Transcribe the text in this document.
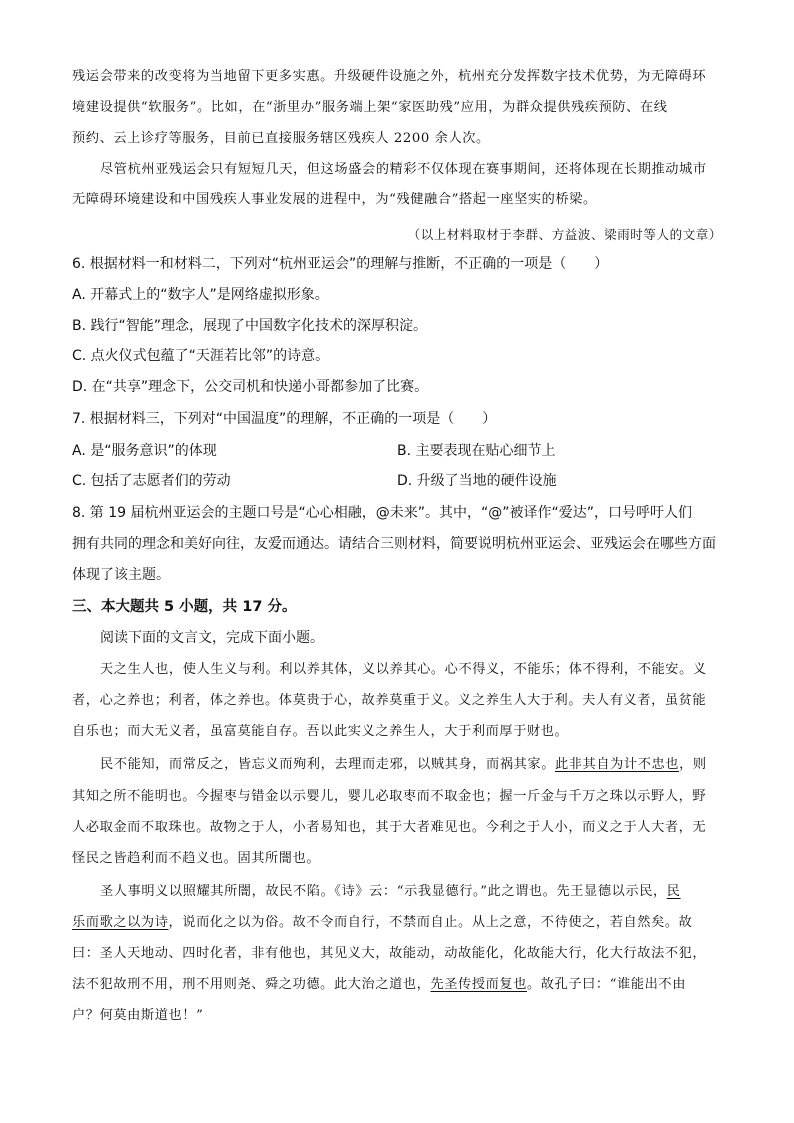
残运会带来的改变将为当地留下更多实惠。升级硬件设施之外，杭州充分发挥数字技术优势，为无障碍环
境建设提供“软服务”。比如，在“浙里办”服务端上架“家医助残”应用，为群众提供残疾预防、在线
预约、云上诊疗等服务，目前已直接服务辖区残疾人 2200 余人次。
尽管杭州亚残运会只有短短几天，但这场盛会的精彩不仅体现在赛事期间，还将体现在长期推动城市
无障碍环境建设和中国残疾人事业发展的进程中，为“残健融合”搭起一座坚实的桥梁。
（以上材料取材于李群、方益波、梁雨时等人的文章）
6. 根据材料一和材料二，下列对“杭州亚运会”的理解与推断，不正确的一项是（　　）
A. 开幕式上的“数字人”是网络虚拟形象。
B. 践行“智能”理念，展现了中国数字化技术的深厚积淀。
C. 点火仪式包蕴了“天涯若比邻”的诗意。
D. 在“共享”理念下，公交司机和快递小哥都参加了比赛。
7. 根据材料三，下列对“中国温度”的理解，不正确的一项是（　　）
A. 是“服务意识”的体现	B. 主要表现在贴心细节上
C. 包括了志愿者们的劳动	D. 升级了当地的硬件设施
8. 第 19 届杭州亚运会的主题口号是“心心相融，@未来”。其中，“@”被译作“爱达”，口号呼吁人们
拥有共同的理念和美好向往，友爱而通达。请结合三则材料，简要说明杭州亚运会、亚残运会在哪些方面
体现了该主题。
三、本大题共 5 小题，共 17 分。
阅读下面的文言文，完成下面小题。
天之生人也，使人生义与利。利以养其体，义以养其心。心不得义，不能乐；体不得利，不能安。义
者，心之养也；利者，体之养也。体莫贵于心，故养莫重于义。义之养生人大于利。夫人有义者，虽贫能
自乐也；而大无义者，虽富莫能自存。吾以此实义之养生人，大于利而厚于财也。
民不能知，而常反之，皆忘义而殉利，去理而走邪，以贼其身，而祸其家。此非其自为计不忠也，则
其知之所不能明也。今握枣与错金以示婴儿，婴儿必取枣而不取金也；握一斤金与千万之珠以示野人，野
人必取金而不取珠也。故物之于人，小者易知也，其于大者难见也。今利之于人小，而义之于人大者，无
怪民之皆趋利而不趋义也。固其所闇也。
圣人事明义以照耀其所闇，故民不陷。《诗》云：“示我显德行。”此之谓也。先王显德以示民，民
乐而歌之以为诗，说而化之以为俗。故不令而自行，不禁而自止。从上之意，不待使之，若自然矣。故
曰：圣人天地动、四时化者，非有他也，其见义大，故能动，动故能化，化故能大行，化大行故法不犯，
法不犯故刑不用，刑不用则尧、舜之功德。此大治之道也，先圣传授而复也。故孔子曰：“谁能出不由
户？何莫由斯道也！”
